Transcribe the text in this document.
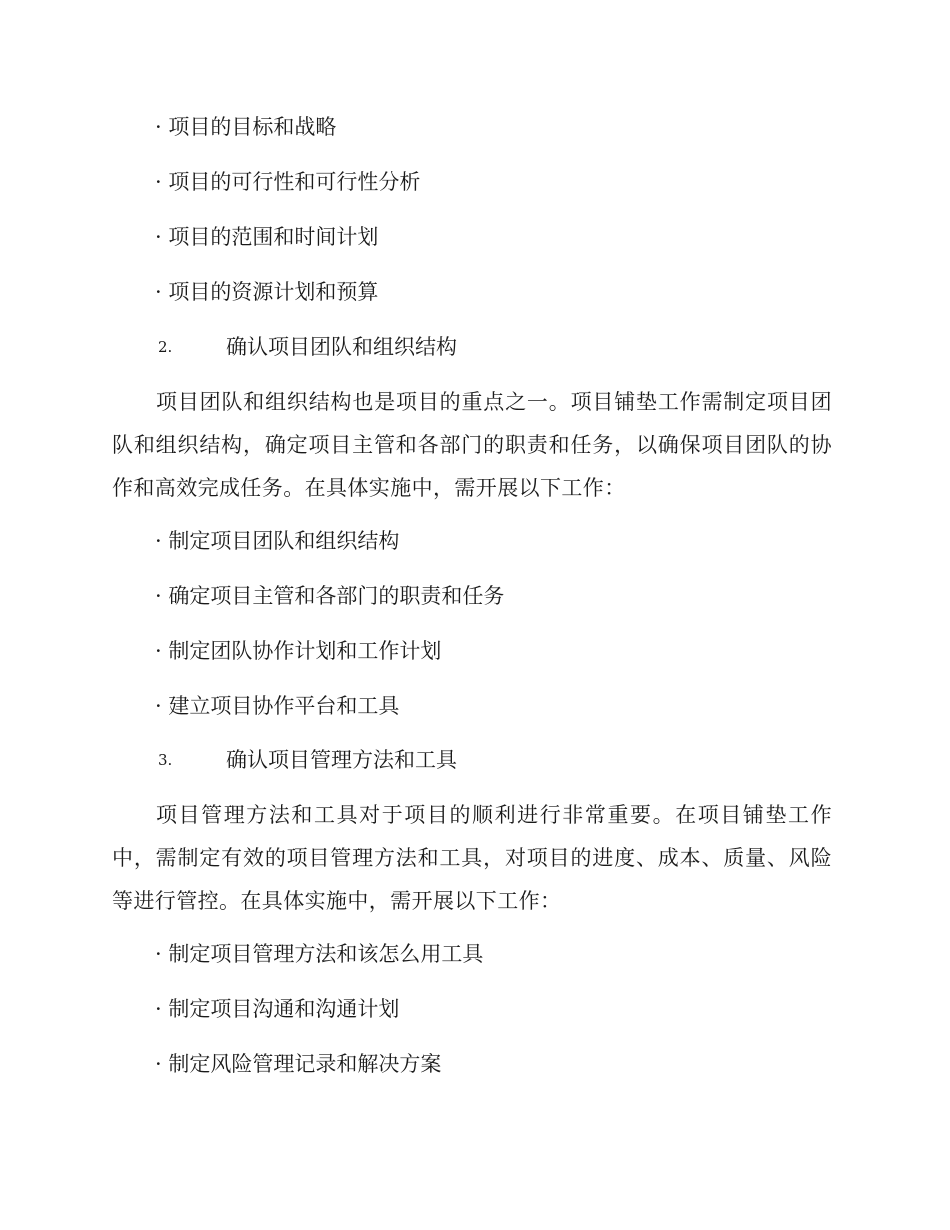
· 项目的目标和战略
· 项目的可行性和可行性分析
· 项目的范围和时间计划
· 项目的资源计划和预算
2.	确认项目团队和组织结构
项目团队和组织结构也是项目的重点之一。项目铺垫工作需制定项目团队和组织结构，确定项目主管和各部门的职责和任务，以确保项目团队的协作和高效完成任务。在具体实施中，需开展以下工作：
· 制定项目团队和组织结构
· 确定项目主管和各部门的职责和任务
· 制定团队协作计划和工作计划
· 建立项目协作平台和工具
3.	确认项目管理方法和工具
项目管理方法和工具对于项目的顺利进行非常重要。在项目铺垫工作中，需制定有效的项目管理方法和工具，对项目的进度、成本、质量、风险等进行管控。在具体实施中，需开展以下工作：
· 制定项目管理方法和该怎么用工具
· 制定项目沟通和沟通计划
· 制定风险管理记录和解决方案
